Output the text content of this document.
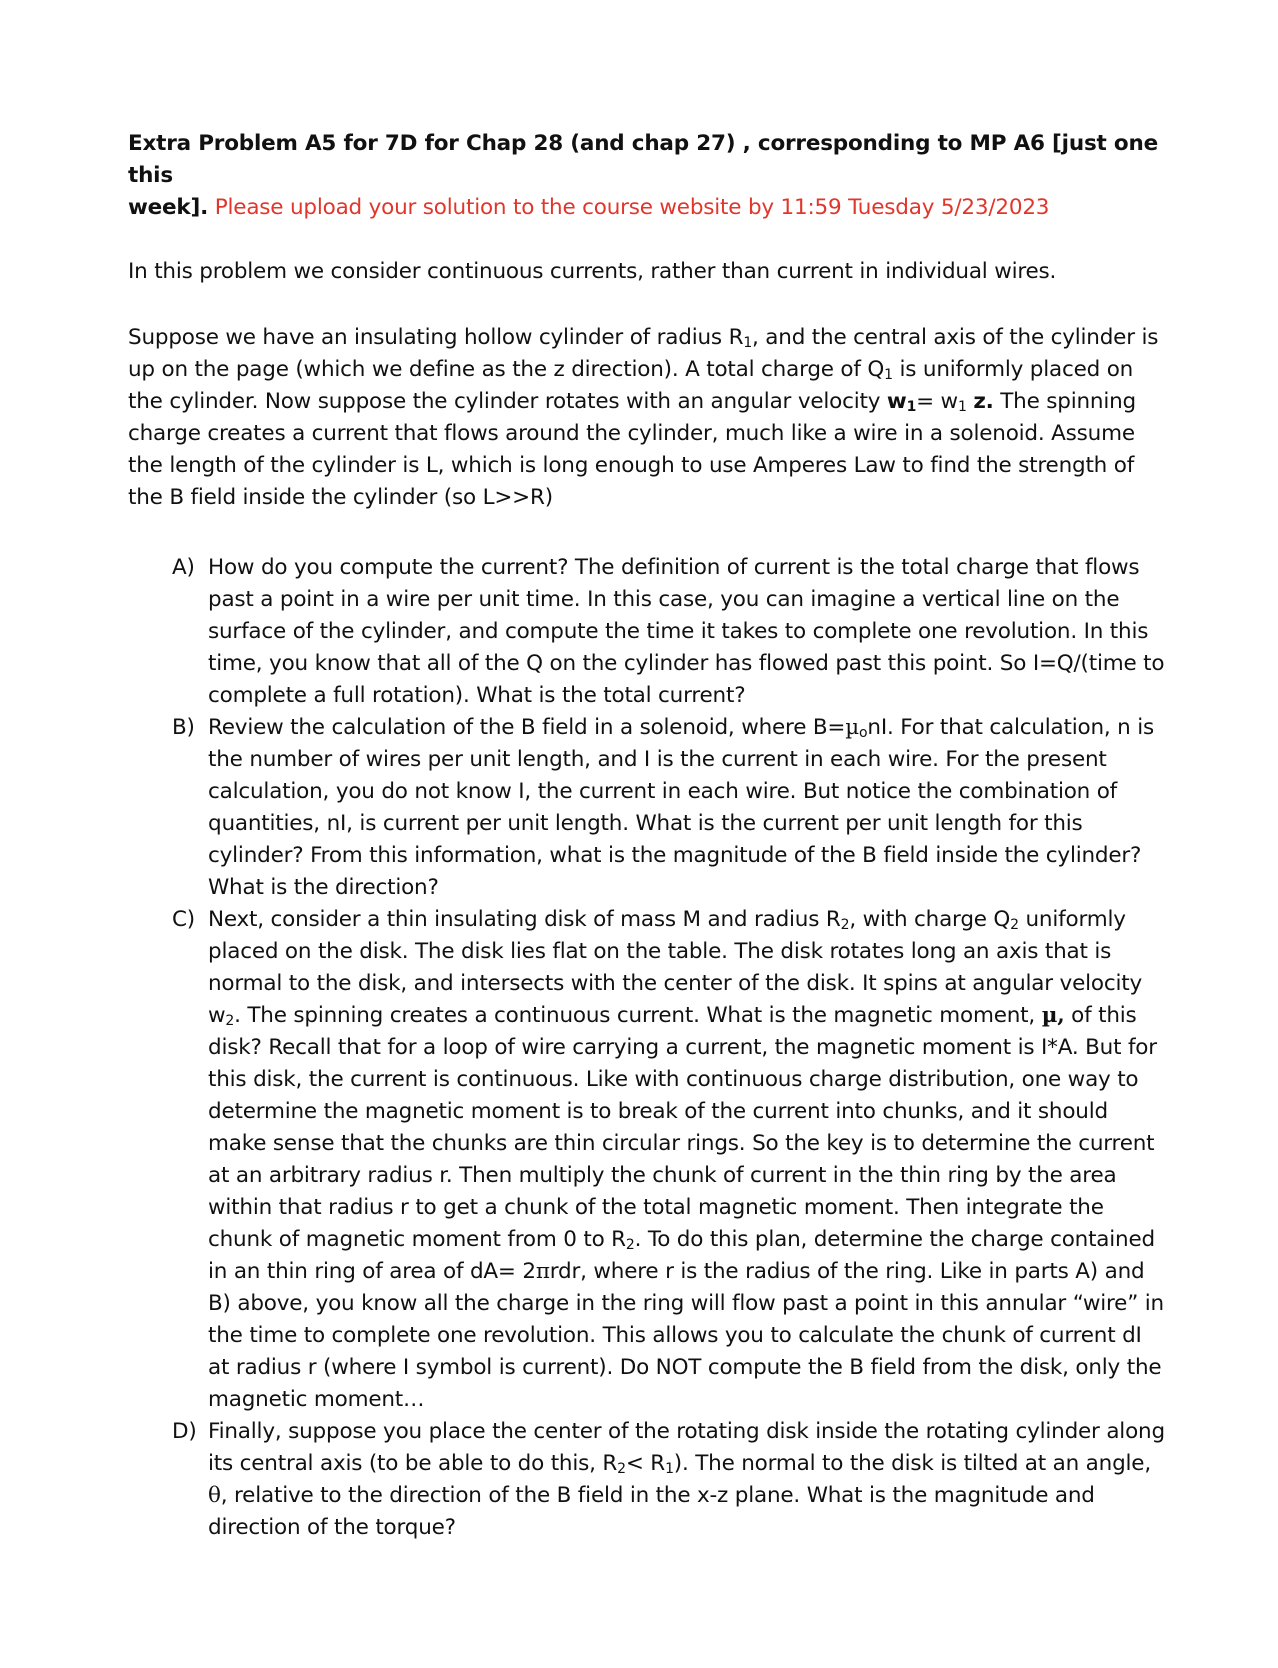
Extra Problem A5 for 7D for Chap 28 (and chap 27) , corresponding to MP A6 [just one this
week]. Please upload your solution to the course website by 11:59 Tuesday 5/23/2023

In this problem we consider continuous currents, rather than current in individual wires.

Suppose we have an insulating hollow cylinder of radius $R_1$, and the central axis of the cylinder is up on the page (which we define as the z direction). A total charge of $Q_1$ is uniformly placed on the cylinder. Now suppose the cylinder rotates with an angular velocity $w_1= w_1$ z. The spinning charge creates a current that flows around the cylinder, much like a wire in a solenoid. Assume the length of the cylinder is L, which is long enough to use Amperes Law to find the strength of the B field inside the cylinder (so L>>R)

A) How do you compute the current? The definition of current is the total charge that flows past a point in a wire per unit time. In this case, you can imagine a vertical line on the surface of the cylinder, and compute the time it takes to complete one revolution. In this time, you know that all of the Q on the cylinder has flowed past this point. So I=Q/(time to complete a full rotation). What is the total current?
B) Review the calculation of the B field in a solenoid, where B=µ$_o$nI. For that calculation, n is the number of wires per unit length, and I is the current in each wire. For the present calculation, you do not know I, the current in each wire. But notice the combination of quantities, nI, is current per unit length. What is the current per unit length for this cylinder? From this information, what is the magnitude of the B field inside the cylinder? What is the direction?
C) Next, consider a thin insulating disk of mass M and radius $R_2$, with charge $Q_2$ uniformly placed on the disk. The disk lies flat on the table. The disk rotates long an axis that is normal to the disk, and intersects with the center of the disk. It spins at angular velocity $w_2$. The spinning creates a continuous current. What is the magnetic moment, µ, of this disk? Recall that for a loop of wire carrying a current, the magnetic moment is I*A. But for this disk, the current is continuous. Like with continuous charge distribution, one way to determine the magnetic moment is to break of the current into chunks, and it should make sense that the chunks are thin circular rings. So the key is to determine the current at an arbitrary radius r. Then multiply the chunk of current in the thin ring by the area within that radius r to get a chunk of the total magnetic moment. Then integrate the chunk of magnetic moment from 0 to $R_2$. To do this plan, determine the charge contained in an thin ring of area of dA= 2πrdr, where r is the radius of the ring. Like in parts A) and B) above, you know all the charge in the ring will flow past a point in this annular “wire” in the time to complete one revolution. This allows you to calculate the chunk of current dI at radius r (where I symbol is current). Do NOT compute the B field from the disk, only the magnetic moment…
D) Finally, suppose you place the center of the rotating disk inside the rotating cylinder along its central axis (to be able to do this, $R_2< R_1$). The normal to the disk is tilted at an angle, θ, relative to the direction of the B field in the x-z plane. What is the magnitude and direction of the torque?
